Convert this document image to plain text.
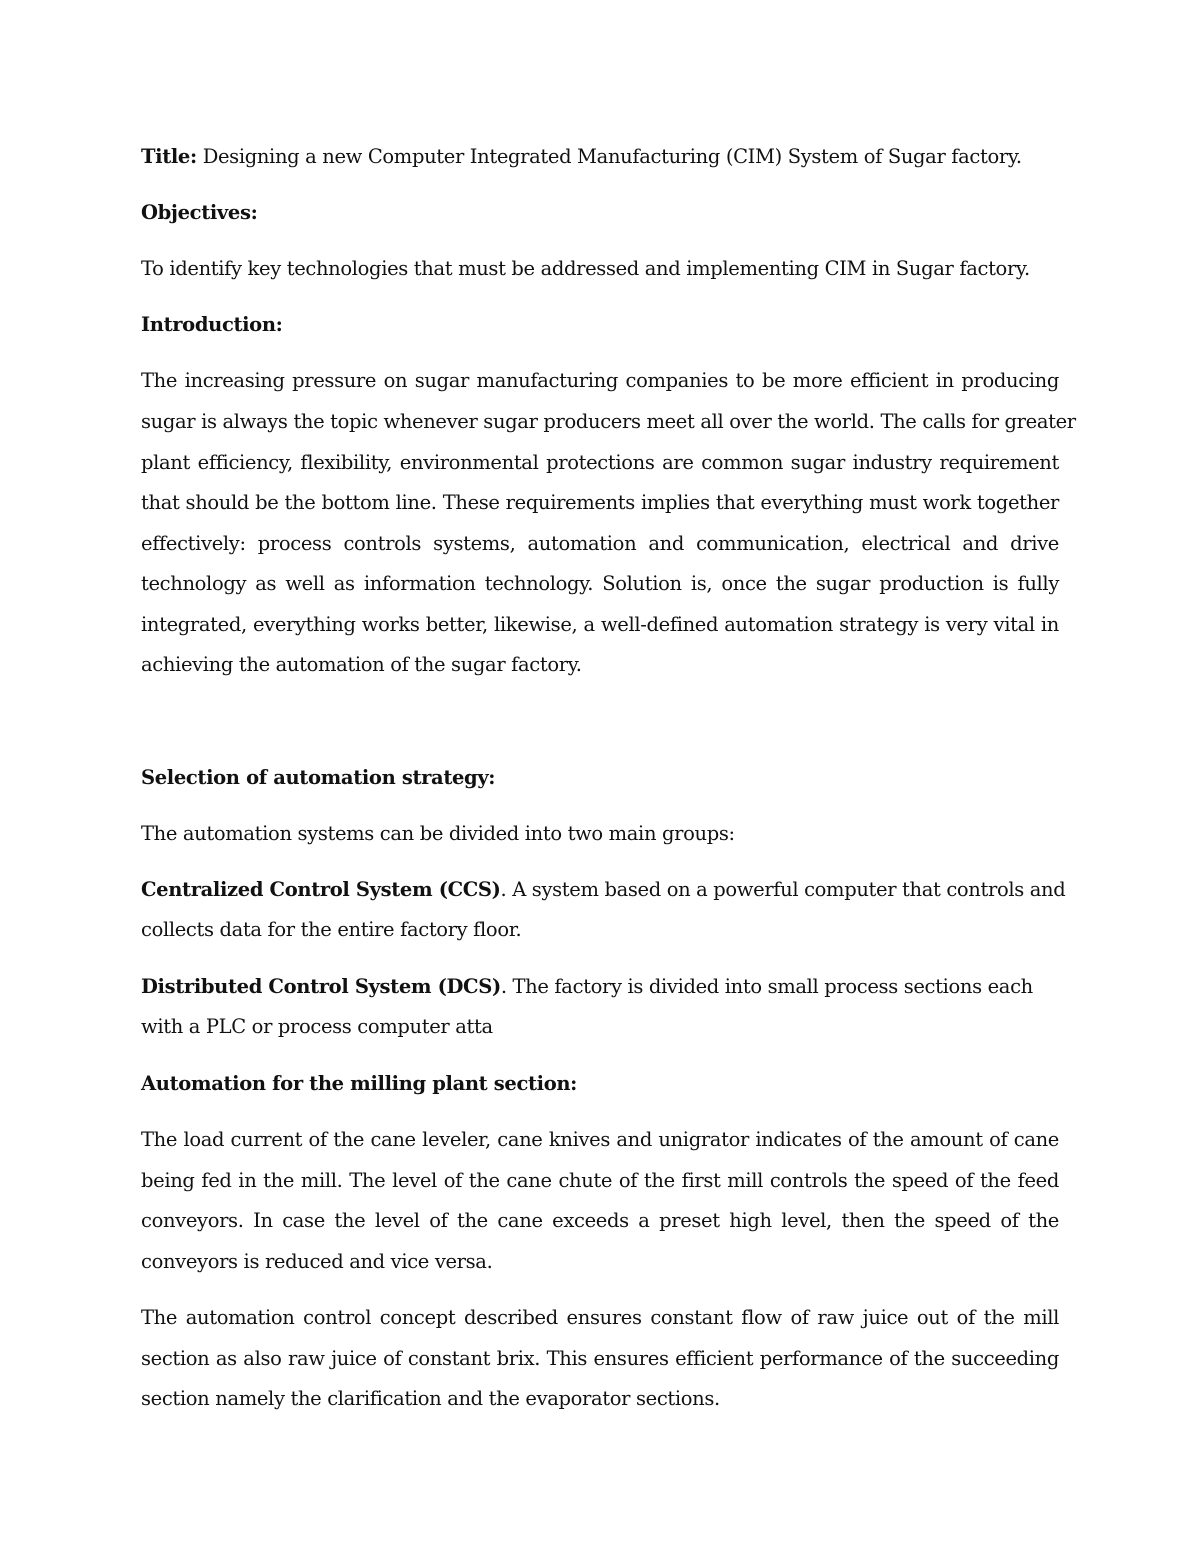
Title: Designing a new Computer Integrated Manufacturing (CIM) System of Sugar factory.
Objectives:
To identify key technologies that must be addressed and implementing CIM in Sugar factory.
Introduction:
The increasing pressure on sugar manufacturing companies to be more efficient in producing
sugar is always the topic whenever sugar producers meet all over the world. The calls for greater
plant efficiency, flexibility, environmental protections are common sugar industry requirement
that should be the bottom line. These requirements implies that everything must work together
effectively: process controls systems, automation and communication, electrical and drive
technology as well as information technology. Solution is, once the sugar production is fully
integrated, everything works better, likewise, a well-defined automation strategy is very vital in
achieving the automation of the sugar factory.
Selection of automation strategy:
The automation systems can be divided into two main groups:
Centralized Control System (CCS). A system based on a powerful computer that controls and
collects data for the entire factory floor.
Distributed Control System (DCS). The factory is divided into small process sections each
with a PLC or process computer atta
Automation for the milling plant section:
The load current of the cane leveler, cane knives and unigrator indicates of the amount of cane
being fed in the mill. The level of the cane chute of the first mill controls the speed of the feed
conveyors. In case the level of the cane exceeds a preset high level, then the speed of the
conveyors is reduced and vice versa.
The automation control concept described ensures constant flow of raw juice out of the mill
section as also raw juice of constant brix. This ensures efficient performance of the succeeding
section namely the clarification and the evaporator sections.
